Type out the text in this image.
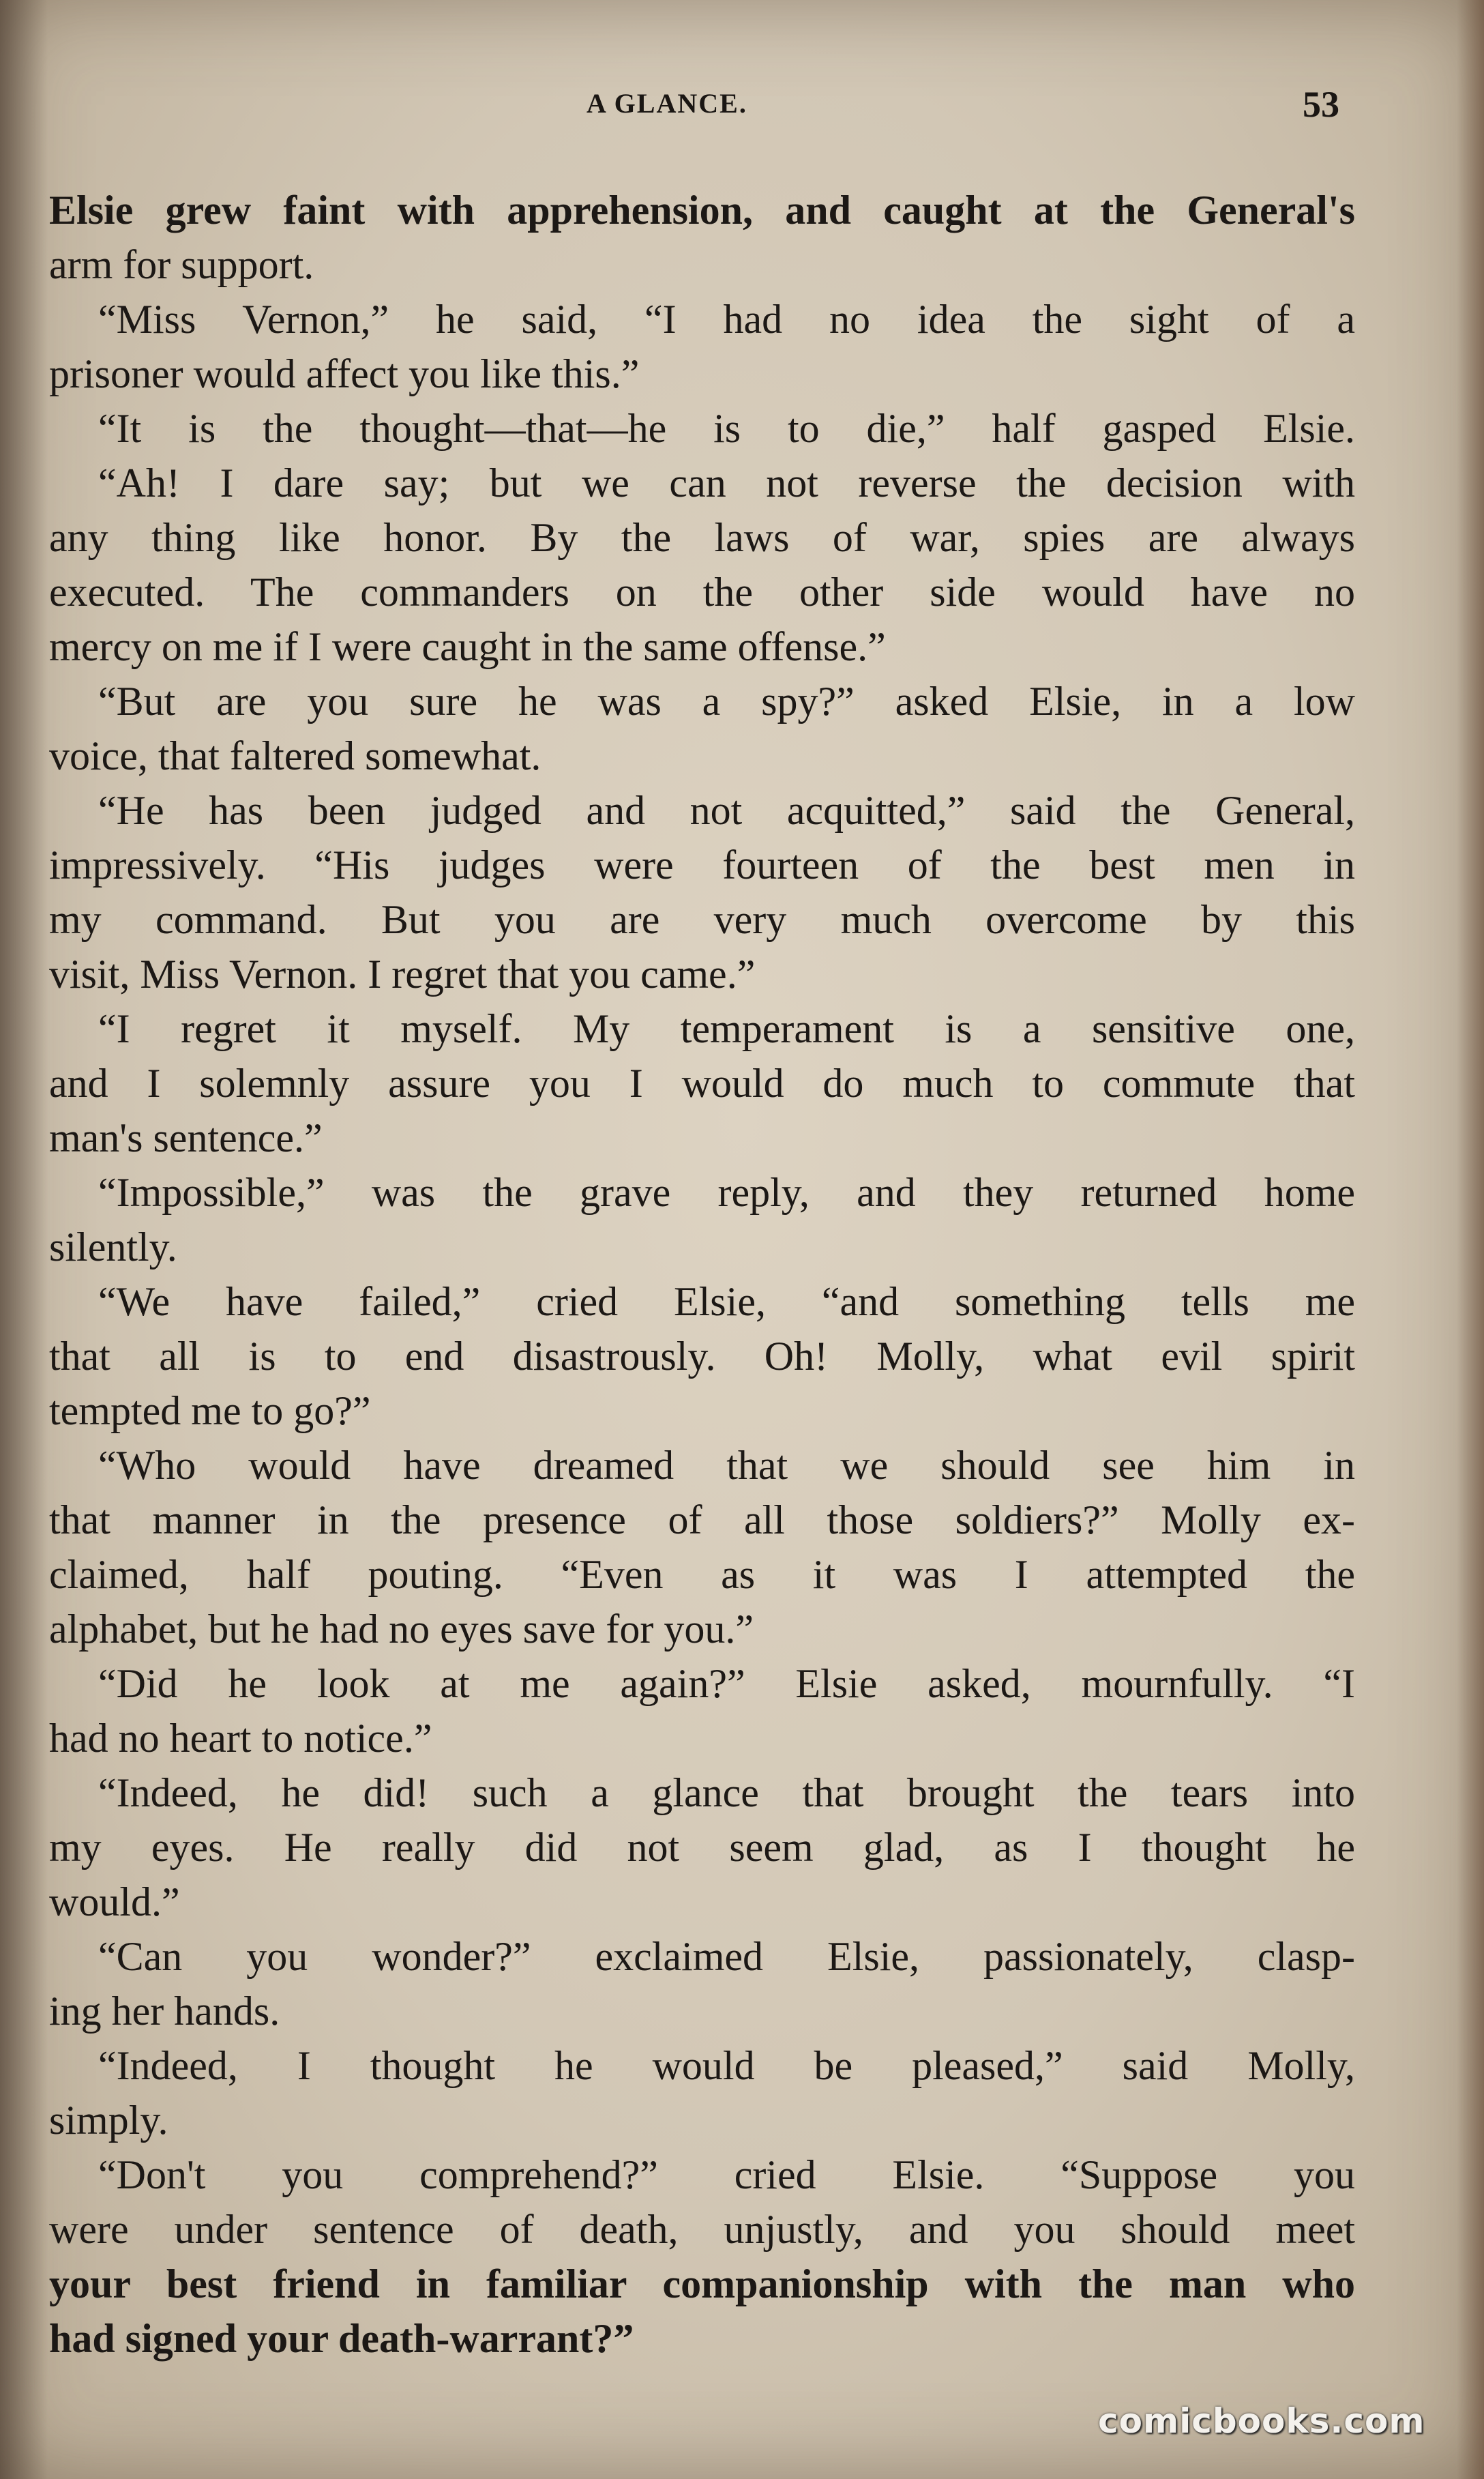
A GLANCE.	53
Elsie grew faint with apprehension, and caught at the General's
arm for support.
“Miss Vernon,” he said, “I had no idea the sight of a
prisoner would affect you like this.”
“It is the thought—that—he is to die,” half gasped Elsie.
“Ah! I dare say; but we can not reverse the decision with
any thing like honor. By the laws of war, spies are always
executed. The commanders on the other side would have no
mercy on me if I were caught in the same offense.”
“But are you sure he was a spy?” asked Elsie, in a low
voice, that faltered somewhat.
“He has been judged and not acquitted,” said the General,
impressively. “His judges were fourteen of the best men in
my command. But you are very much overcome by this
visit, Miss Vernon. I regret that you came.”
“I regret it myself. My temperament is a sensitive one,
and I solemnly assure you I would do much to commute that
man's sentence.”
“Impossible,” was the grave reply, and they returned home
silently.
“We have failed,” cried Elsie, “and something tells me
that all is to end disastrously. Oh! Molly, what evil spirit
tempted me to go?”
“Who would have dreamed that we should see him in
that manner in the presence of all those soldiers?” Molly ex-
claimed, half pouting. “Even as it was I attempted the
alphabet, but he had no eyes save for you.”
“Did he look at me again?” Elsie asked, mournfully. “I
had no heart to notice.”
“Indeed, he did! such a glance that brought the tears into
my eyes. He really did not seem glad, as I thought he
would.”
“Can you wonder?” exclaimed Elsie, passionately, clasp-
ing her hands.
“Indeed, I thought he would be pleased,” said Molly,
simply.
“Don't you comprehend?” cried Elsie. “Suppose you
were under sentence of death, unjustly, and you should meet
your best friend in familiar companionship with the man who
had signed your death-warrant?”
comicbooks.com
